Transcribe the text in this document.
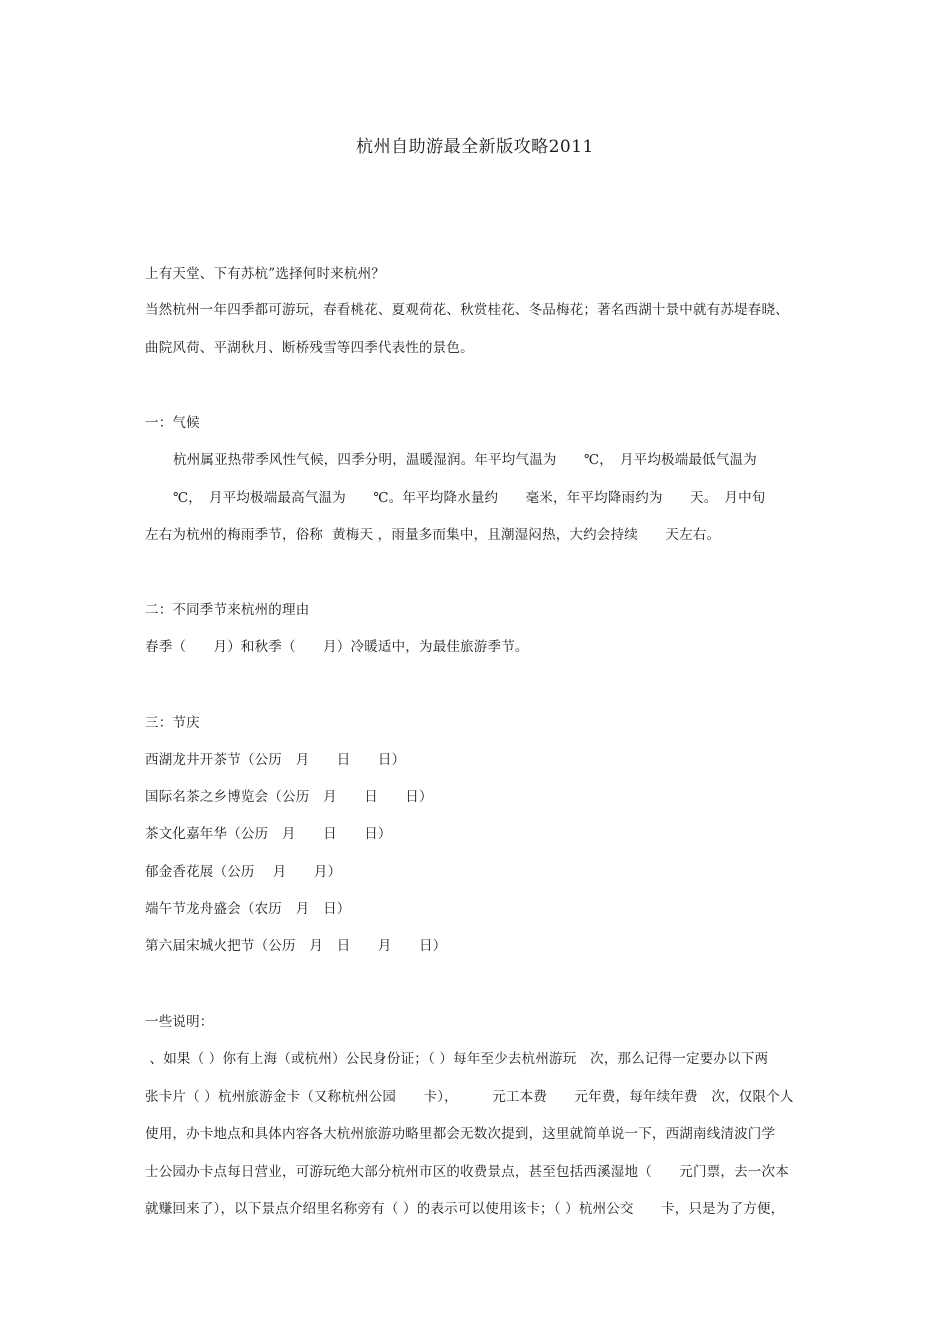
杭州自助游最全新版攻略2011
上有天堂、下有苏杭”选择何时来杭州？
当然杭州一年四季都可游玩，春看桃花、夏观荷花、秋赏桂花、冬品梅花；著名西湖十景中就有苏堤春晓、
曲院风荷、平湖秋月、断桥残雪等四季代表性的景色。
一：气候
杭州属亚热带季风性气候，四季分明，温暖湿润。年平均气温为　　℃，　月平均极端最低气温为
℃，　月平均极端最高气温为　　℃。年平均降水量约　　毫米，年平均降雨约为　　天。　月中旬
左右为杭州的梅雨季节，俗称  黄梅天 ，雨量多而集中，且潮湿闷热，大约会持续　　天左右。
二：不同季节来杭州的理由
春季（　　月）和秋季（　　月）冷暖适中，为最佳旅游季节。
三：节庆
西湖龙井开茶节（公历　月　　日　　日）
国际名茶之乡博览会（公历　月　　日　　日）
茶文化嘉年华（公历　月　　日　　日）
郁金香花展（公历　 月　　月）
端午节龙舟盛会（农历　月　日）
第六届宋城火把节（公历　月　日　　月　　日）
一些说明：
、如果（ ）你有上海（或杭州）公民身份证；（ ）每年至少去杭州游玩　次，那么记得一定要办以下两
张卡片（ ）杭州旅游金卡（又称杭州公园　　卡），　　　元工本费　　元年费，每年续年费　次，仅限个人
使用，办卡地点和具体内容各大杭州旅游功略里都会无数次提到，这里就简单说一下，西湖南线清波门学
士公园办卡点每日营业，可游玩绝大部分杭州市区的收费景点，甚至包括西溪湿地（　　元门票，去一次本
就赚回来了），以下景点介绍里名称旁有（ ）的表示可以使用该卡；（ ）杭州公交　　卡，只是为了方便，
